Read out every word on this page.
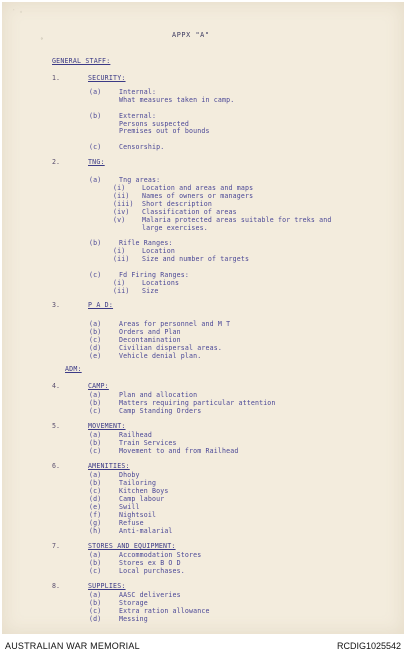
˙ ◦
°
APPX "A"
GENERAL STAFF:
ADM:
1.	SECURITY:
(a)	Internal:
What measures taken in camp.
(b)	External:
Persons suspected
Premises out of bounds
(c)	Censorship.
2.	TNG:
(a)	Tng areas:
(i)	Location and areas and maps
(ii) Names of owners or managers
(iii) Short description
(iv) Classification of areas
(v)	Malaria protected areas suitable for treks and
large exercises.
(b)	Rifle Ranges:
(i)	Location
(ii) Size and number of targets
(c)	Fd Firing Ranges:
(i)	Locations
(ii) Size
3.	P A D:
(a)	Areas for personnel and M T
(b)	Orders and Plan
(c)	Decontamination
(d)	Civilian dispersal areas.
(e)	Vehicle denial plan.
4.	CAMP:
(a)	Plan and allocation
(b)	Matters requiring particular attention
(c)	Camp Standing Orders
5.	MOVEMENT:
(a)	Railhead
(b)	Train Services
(c)	Movement to and from Railhead
6.	AMENITIES:
(a)	Dhoby
(b)	Tailoring
(c)	Kitchen Boys
(d)	Camp labour
(e)	Swill
(f)	Nightsoil
(g)	Refuse
(h)	Anti-malarial
7.	STORES AND EQUIPMENT:
(a)	Accommodation Stores
(b)	Stores ex B O D
(c)	Local purchases.
8.	SUPPLIES:
(a)	AASC deliveries
(b)	Storage
(c)	Extra ration allowance
(d)	Messing
AUSTRALIAN WAR MEMORIAL	RCDIG1025542
